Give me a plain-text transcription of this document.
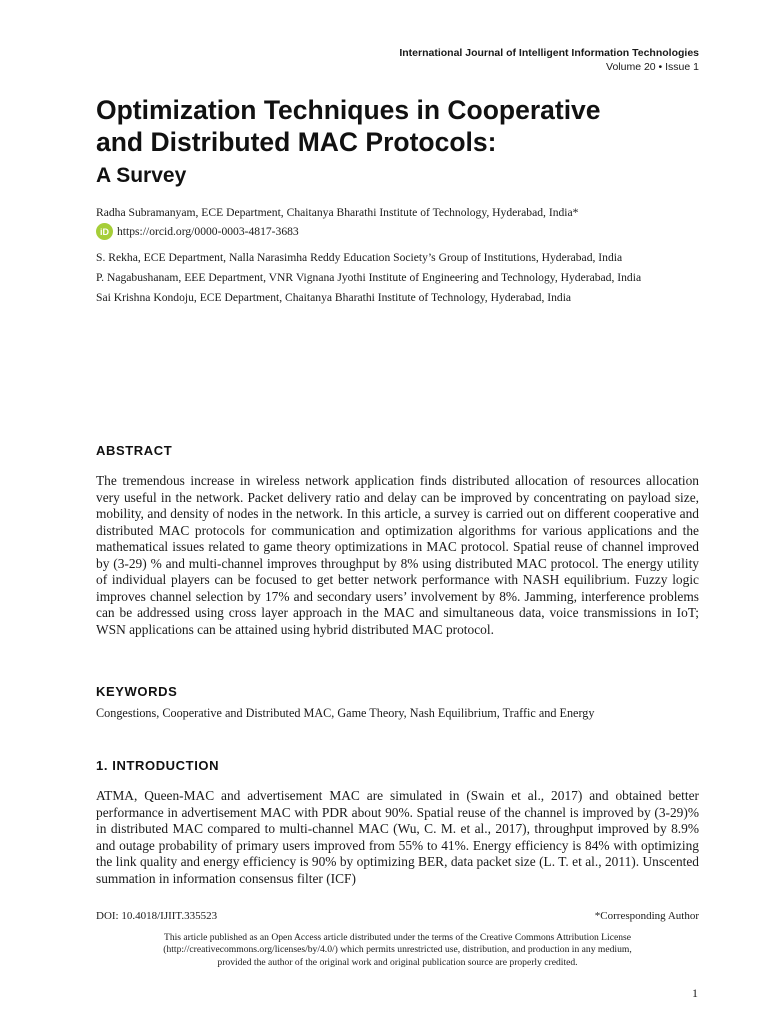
International Journal of Intelligent Information Technologies
Volume 20 • Issue 1
Optimization Techniques in Cooperative
and Distributed MAC Protocols:
A Survey
Radha Subramanyam, ECE Department, Chaitanya Bharathi Institute of Technology, Hyderabad, India*
iD https://orcid.org/0000-0003-4817-3683
S. Rekha, ECE Department, Nalla Narasimha Reddy Education Society’s Group of Institutions, Hyderabad, India
P. Nagabushanam, EEE Department, VNR Vignana Jyothi Institute of Engineering and Technology, Hyderabad, India
Sai Krishna Kondoju, ECE Department, Chaitanya Bharathi Institute of Technology, Hyderabad, India
ABSTRACT
The tremendous increase in wireless network application finds distributed allocation of resources allocation very useful in the network. Packet delivery ratio and delay can be improved by concentrating on payload size, mobility, and density of nodes in the network. In this article, a survey is carried out on different cooperative and distributed MAC protocols for communication and optimization algorithms for various applications and the mathematical issues related to game theory optimizations in MAC protocol. Spatial reuse of channel improved by (3-29) % and multi-channel improves throughput by 8% using distributed MAC protocol. The energy utility of individual players can be focused to get better network performance with NASH equilibrium. Fuzzy logic improves channel selection by 17% and secondary users’ involvement by 8%. Jamming, interference problems can be addressed using cross layer approach in the MAC and simultaneous data, voice transmissions in IoT; WSN applications can be attained using hybrid distributed MAC protocol.
KEYWORDS
Congestions, Cooperative and Distributed MAC, Game Theory, Nash Equilibrium, Traffic and Energy
1. INTRODUCTION
ATMA, Queen-MAC and advertisement MAC are simulated in (Swain et al., 2017) and obtained better performance in advertisement MAC with PDR about 90%. Spatial reuse of the channel is improved by (3-29)% in distributed MAC compared to multi-channel MAC (Wu, C. M. et al., 2017), throughput improved by 8.9% and outage probability of primary users improved from 55% to 41%. Energy efficiency is 84% with optimizing the link quality and energy efficiency is 90% by optimizing BER, data packet size (L. T. et al., 2011). Unscented summation in information consensus filter (ICF)
DOI: 10.4018/IJIIT.335523	*Corresponding Author
This article published as an Open Access article distributed under the terms of the Creative Commons Attribution License
(http://creativecommons.org/licenses/by/4.0/) which permits unrestricted use, distribution, and production in any medium,
provided the author of the original work and original publication source are properly credited.
1
